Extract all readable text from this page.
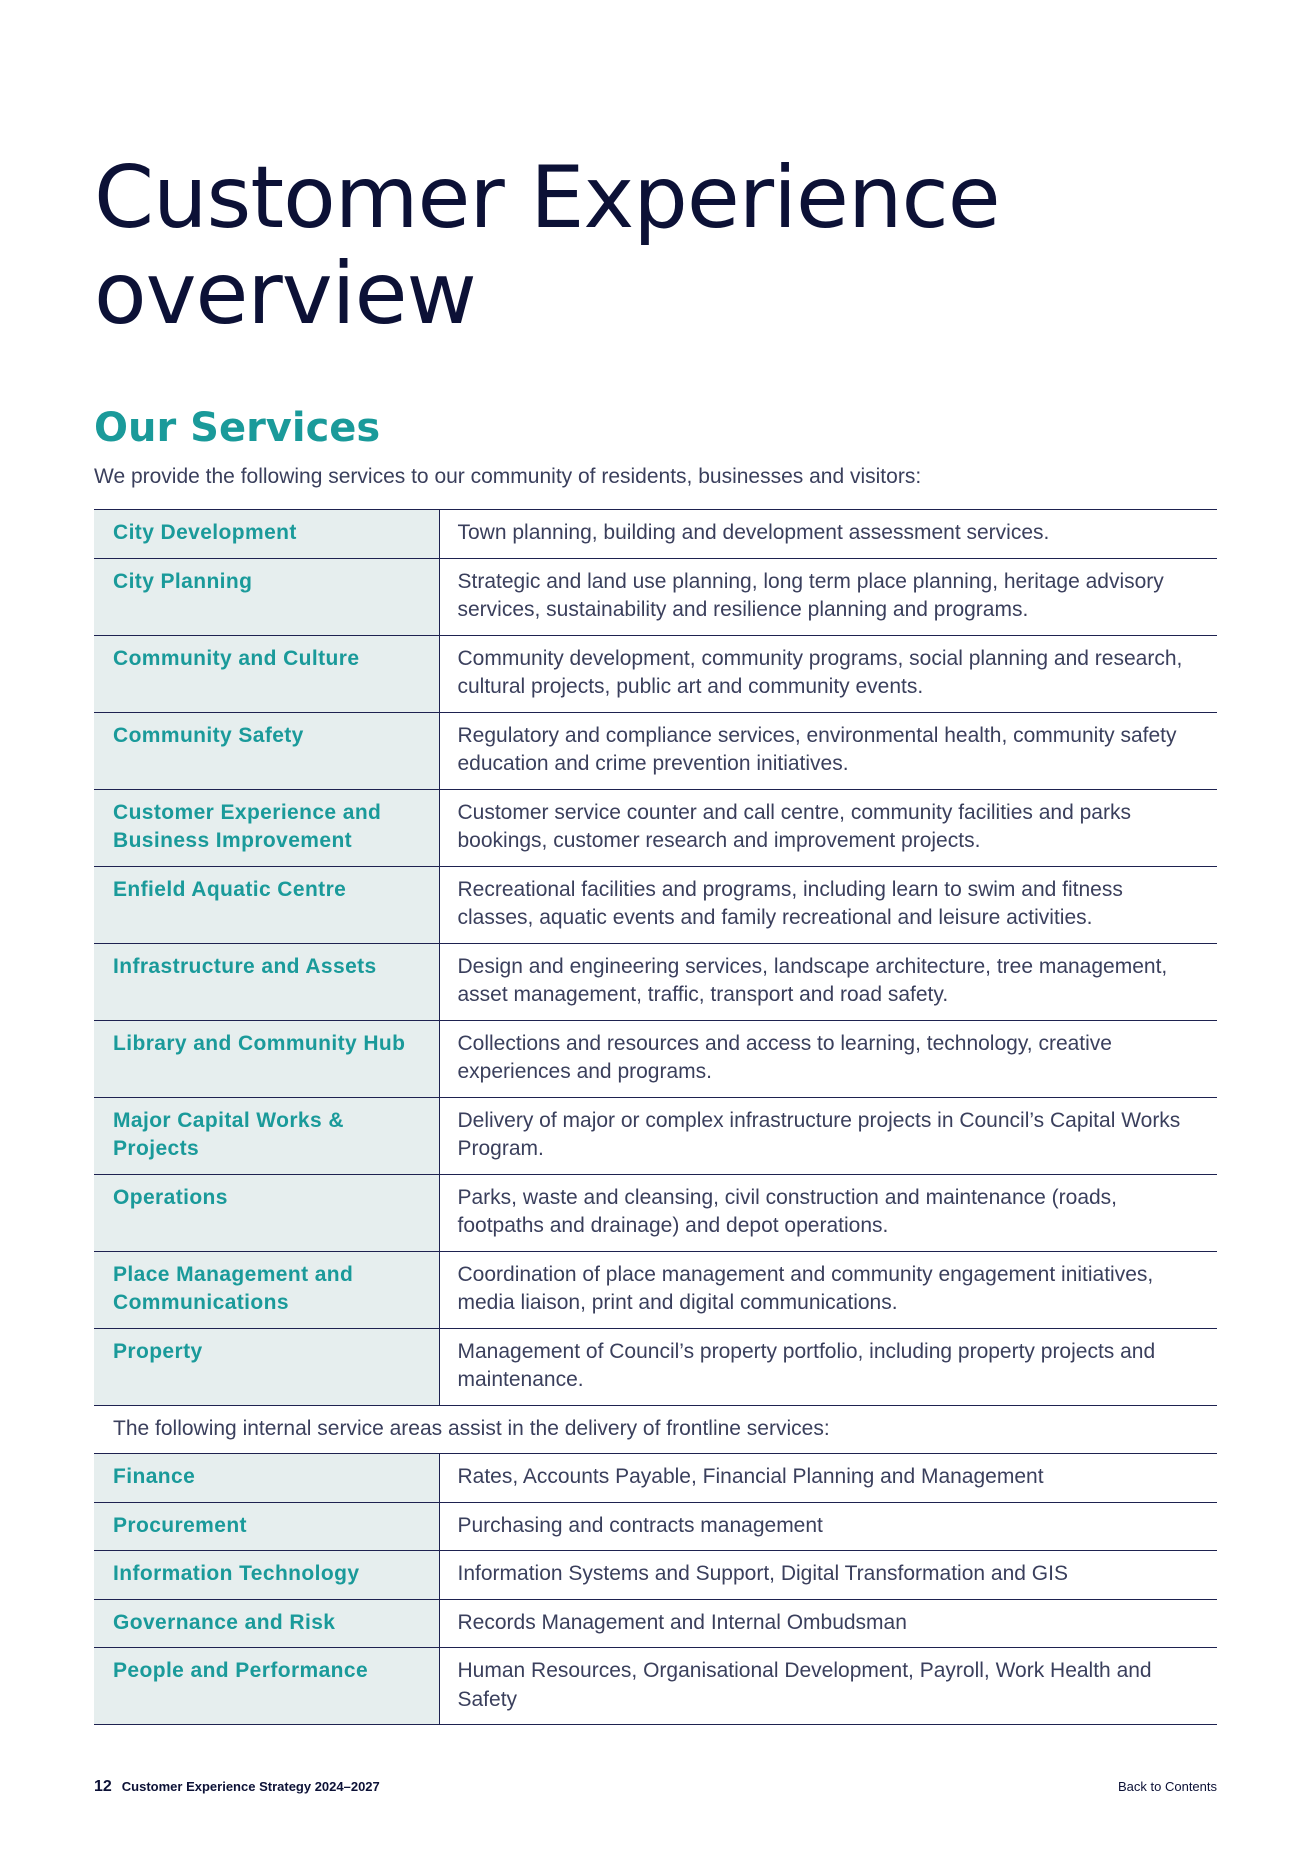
Customer Experience
overview
Our Services

We provide the following services to our community of residents, businesses and visitors:

City Development	Town planning, building and development assessment services.
City Planning	Strategic and land use planning, long term place planning, heritage advisory services, sustainability and resilience planning and programs.
Community and Culture	Community development, community programs, social planning and research, cultural projects, public art and community events.
Community Safety	Regulatory and compliance services, environmental health, community safety education and crime prevention initiatives.
Customer Experience and Business Improvement	Customer service counter and call centre, community facilities and parks bookings, customer research and improvement projects.
Enfield Aquatic Centre	Recreational facilities and programs, including learn to swim and fitness classes, aquatic events and family recreational and leisure activities.
Infrastructure and Assets	Design and engineering services, landscape architecture, tree management, asset management, traffic, transport and road safety.
Library and Community Hub	Collections and resources and access to learning, technology, creative experiences and programs.
Major Capital Works & Projects	Delivery of major or complex infrastructure projects in Council’s Capital Works Program.
Operations	Parks, waste and cleansing, civil construction and maintenance (roads, footpaths and drainage) and depot operations.
Place Management and Communications	Coordination of place management and community engagement initiatives, media liaison, print and digital communications.
Property	Management of Council’s property portfolio, including property projects and maintenance.
The following internal service areas assist in the delivery of frontline services:	
Finance	Rates, Accounts Payable, Financial Planning and Management
Procurement	Purchasing and contracts management
Information Technology	Information Systems and Support, Digital Transformation and GIS
Governance and Risk	Records Management and Internal Ombudsman
People and Performance	Human Resources, Organisational Development, Payroll, Work Health and Safety
12 Customer Experience Strategy 2024–2027	Back to Contents
